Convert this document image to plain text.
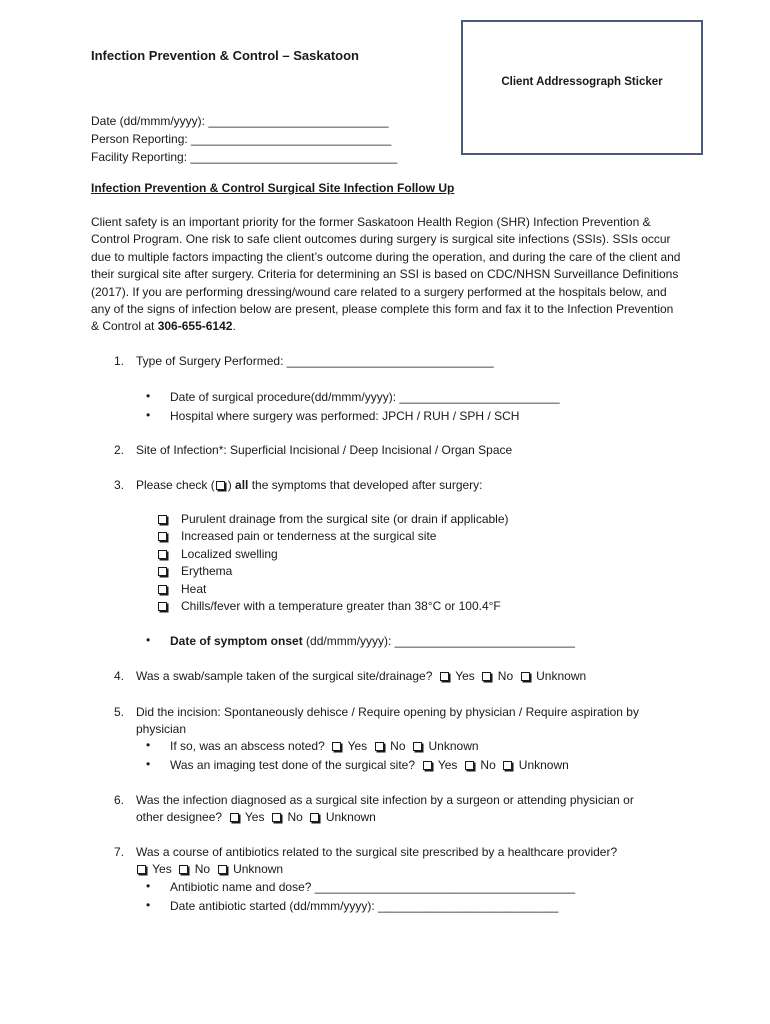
Infection Prevention & Control – Saskatoon
Client Addressograph Sticker
Date (dd/mmm/yyyy): ___________________________
Person Reporting: ______________________________
Facility Reporting: _______________________________
Infection Prevention & Control Surgical Site Infection Follow Up
Client safety is an important priority for the former Saskatoon Health Region (SHR) Infection Prevention & Control Program. One risk to safe client outcomes during surgery is surgical site infections (SSIs). SSIs occur due to multiple factors impacting the client’s outcome during the operation, and during the care of the client and their surgical site after surgery. Criteria for determining an SSI is based on CDC/NHSN Surveillance Definitions (2017). If you are performing dressing/wound care related to a surgery performed at the hospitals below, and any of the signs of infection below are present, please complete this form and fax it to the Infection Prevention & Control at 306-655-6142.
1. Type of Surgery Performed: _______________________________
• Date of surgical procedure(dd/mmm/yyyy): ________________________
• Hospital where surgery was performed: JPCH / RUH / SPH / SCH
2. Site of Infection*: Superficial Incisional / Deep Incisional / Organ Space
3. Please check ( ) all the symptoms that developed after surgery:
Purulent drainage from the surgical site (or drain if applicable)
Increased pain or tenderness at the surgical site
Localized swelling
Erythema
Heat
Chills/fever with a temperature greater than 38°C or 100.4°F
• Date of symptom onset (dd/mmm/yyyy): ___________________________
4. Was a swab/sample taken of the surgical site/drainage? Yes No Unknown
5. Did the incision: Spontaneously dehisce / Require opening by physician / Require aspiration by
physician
• If so, was an abscess noted? Yes No Unknown
• Was an imaging test done of the surgical site? Yes No Unknown
6. Was the infection diagnosed as a surgical site infection by a surgeon or attending physician or
other designee? Yes No Unknown
7. Was a course of antibiotics related to the surgical site prescribed by a healthcare provider?
Yes No Unknown
• Antibiotic name and dose? _______________________________________
• Date antibiotic started (dd/mmm/yyyy): ___________________________
